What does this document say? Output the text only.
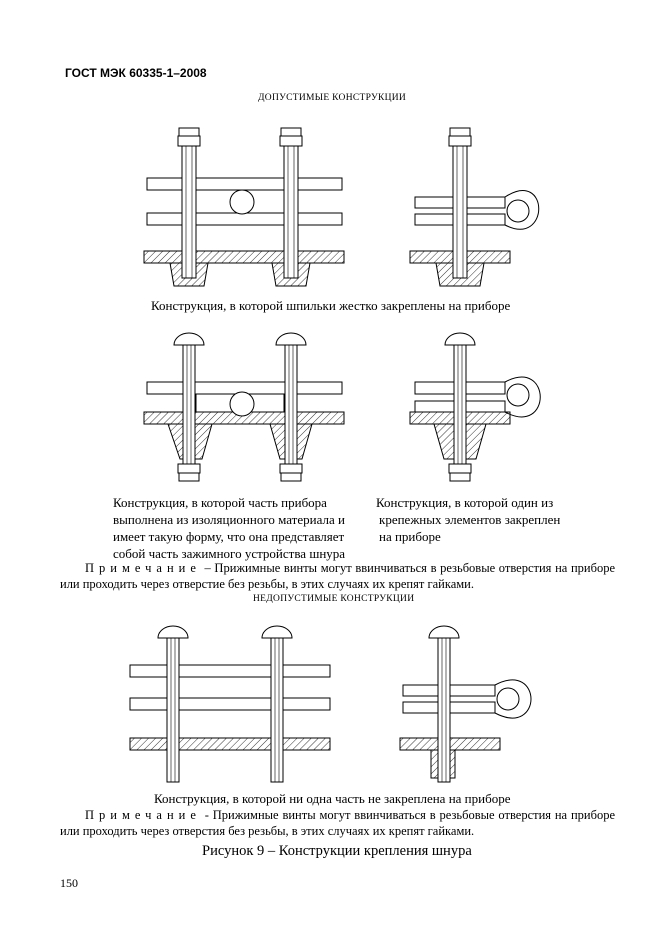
ГОСТ МЭК 60335-1–2008
ДОПУСТИМЫЕ КОНСТРУКЦИИ
Конструкция, в которой шпильки жестко закреплены на приборе
Конструкция, в которой часть прибора
выполнена из изоляционного материала и
имеет такую форму, что она представляет
собой часть зажимного устройства шнура
Конструкция, в которой один из
крепежных элементов закреплен
на приборе
Примечание – Прижимные винты могут ввинчиваться в резьбовые отверстия на приборе или проходить через отверстие без резьбы, в этих случаях их крепят гайками.
НЕДОПУСТИМЫЕ КОНСТРУКЦИИ
Конструкция, в которой ни одна часть не закреплена на приборе
Примечание - Прижимные винты могут ввинчиваться в резьбовые отверстия на приборе или проходить через отверстия без резьбы, в этих случаях их крепят гайками.
Рисунок 9 – Конструкции крепления шнура
150
